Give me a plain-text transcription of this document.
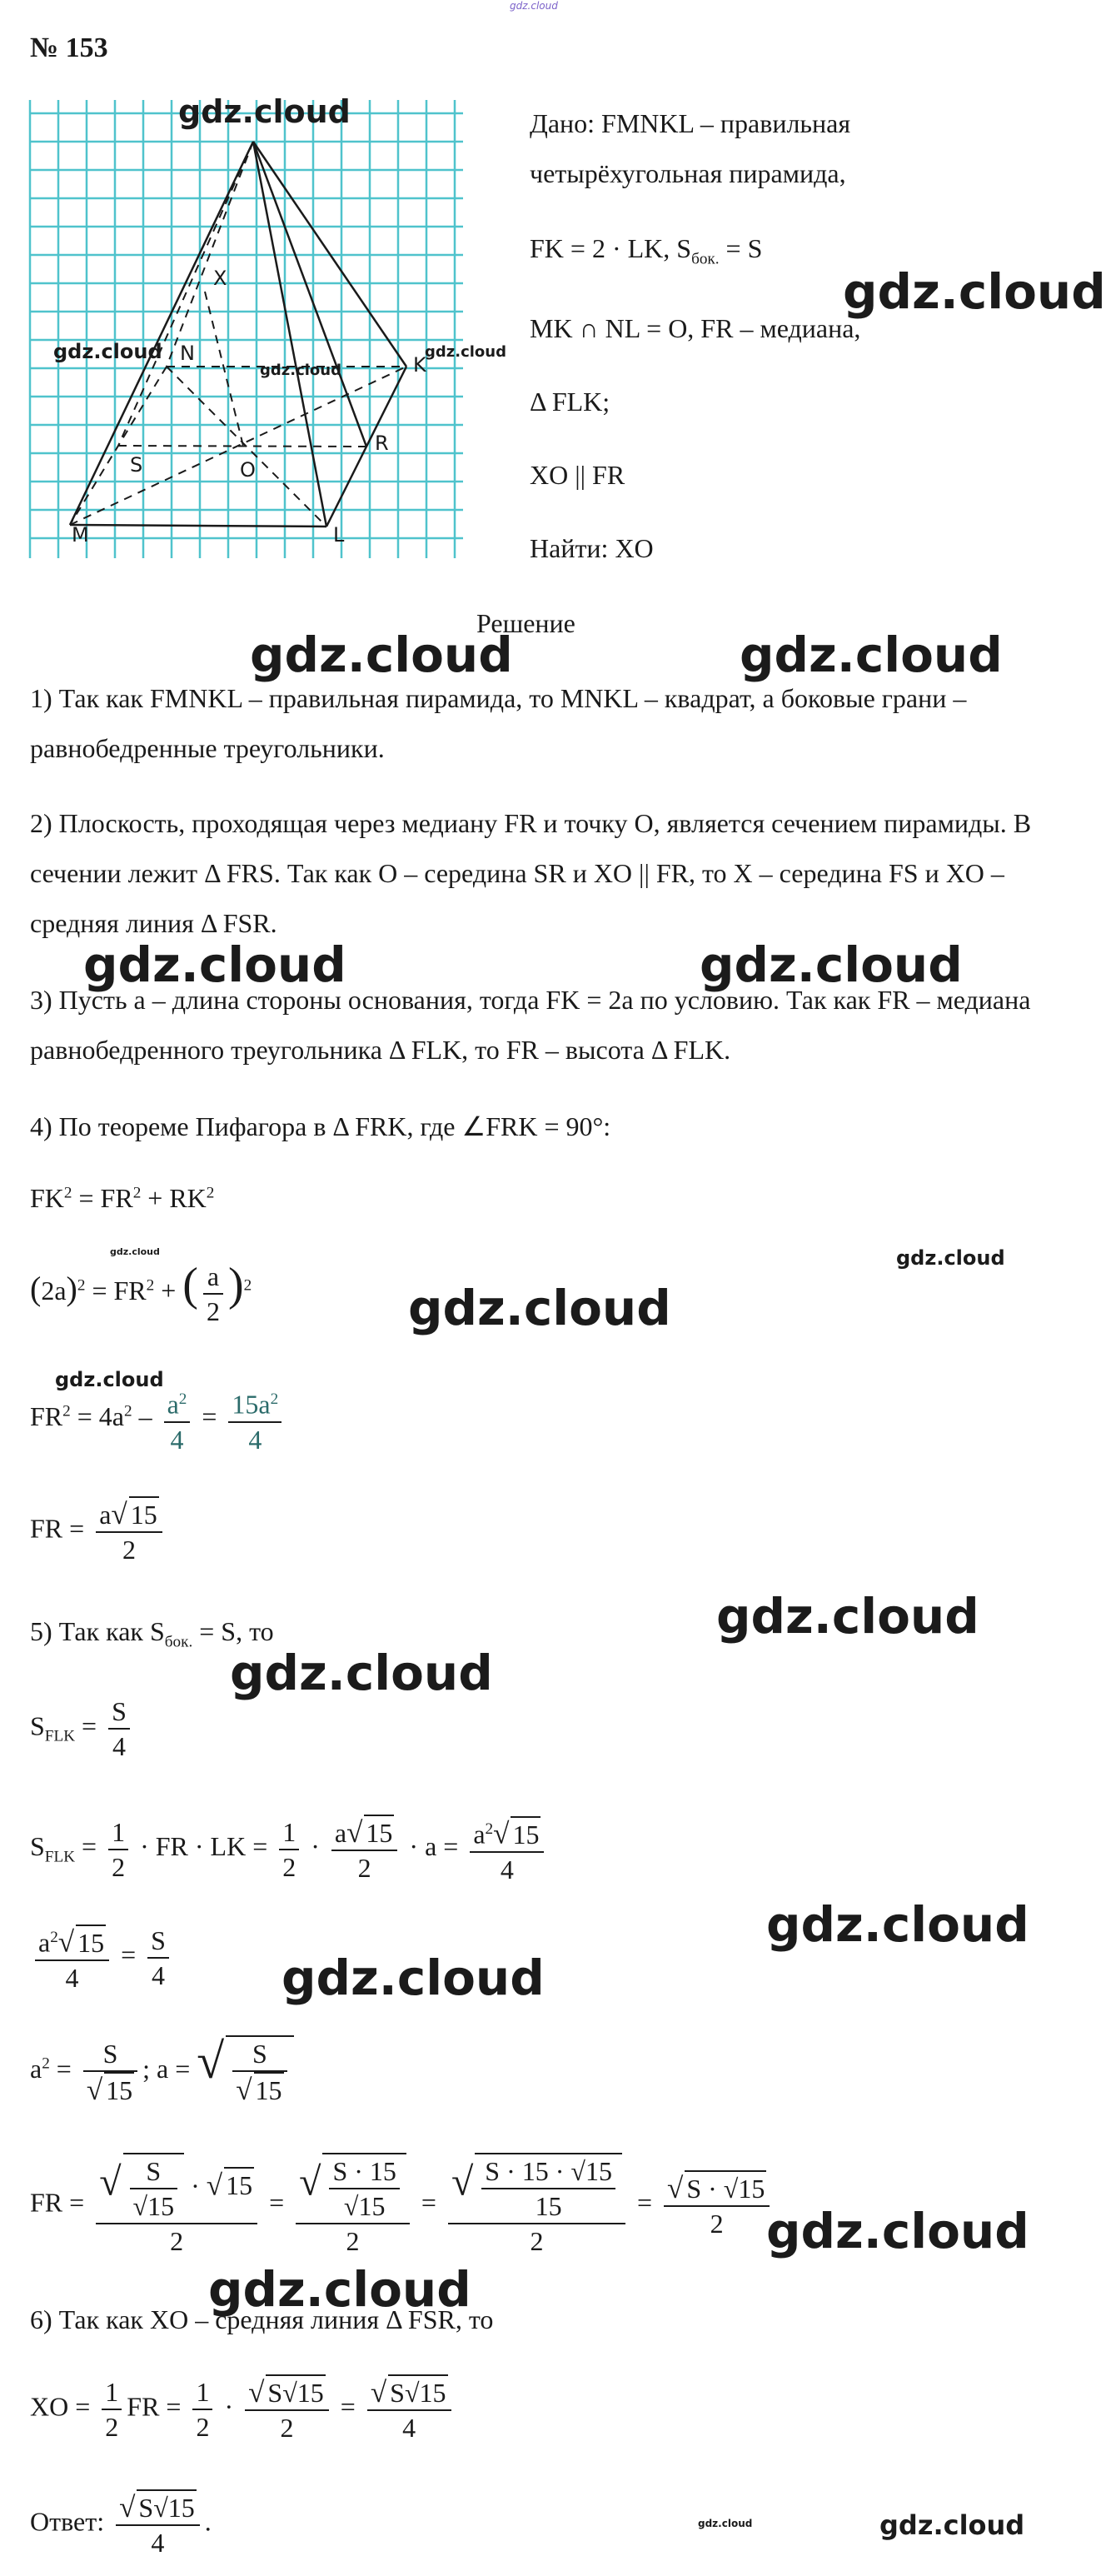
gdz.cloud
№ 153
X
N	K
S	O
R
M	L
gdz.cloud
gdz.cloud
gdz.cloud
gdz.cloud
Дано: FMNKL – правильная
четырёхугольная пирамида,
FK = 2 · LK, $S_{бок.} = S$
MK ∩ NL = O, FR – медиана,
Δ FLK;
XO || FR
Найти: XO
Решение
1) Так как FMNKL – правильная пирамида, то MNKL – квадрат, а боковые грани – равнобедренные треугольники.
2) Плоскость, проходящая через медиану FR и точку O, является сечением пирамиды. В сечении лежит Δ FRS. Так как O – середина SR и XO || FR, то X – середина FS и XO – средняя линия Δ FSR.
3) Пусть a – длина стороны основания, тогда FK = 2a по условию. Так как FR – медиана равнобедренного треугольника Δ FLK, то FR – высота Δ FLK.
4) По теореме Пифагора в Δ FRK, где ∠FRK = 90°:
$FK^2 = FR^2 + RK^2$
$(2a)^2 = FR^2$ + ( $\frac{a}{2} )^2$
$FR^2 = 4a^2 - \frac{a^2}{4} = \frac{15a^2}{4}$
FR = $\frac{a√ 15}{2}$
5) Так как $S_{бок.} = S$, то
$S_{FLK} = \frac{S}{4}$
$S_{FLK} = \frac{1}{2}$ · FR · LK = $\frac{1}{2} \cdot \frac{a√ 15}{2} \cdot a = \frac{a^2√ 15}{4}$
$\frac{a^2√ 15}{4} = \frac{S}{4}$
$a^2 = \frac{S}{√ 15}$ ; a = √ $\frac{S}{√ 15}$
FR = $\frac{√ \frac{S}{√15} \cdot √ 15}{2} = \frac{√ \frac{S \cdot 15}{√15}}{2} = \frac{√ \frac{S \cdot 15 \cdot √15}{15}}{2} = \frac{√ S \cdot √15}{2}$
6) Так как XO – средняя линия Δ FSR, то
XO = $\frac{1}{2}$ FR = $\frac{1}{2} \cdot \frac{√ S√15}{2} = \frac{√ S√15}{4}$
Ответ: $\frac{√ S√15}{4}$ .
gdz.cloud
gdz.cloud	gdz.cloud
gdz.cloud	gdz.cloud
gdz.cloud	gdz.cloud
gdz.cloud
gdz.cloud
gdz.cloud
gdz.cloud
gdz.cloud
gdz.cloud
gdz.cloud
gdz.cloud
gdz.cloud	gdz.cloud
